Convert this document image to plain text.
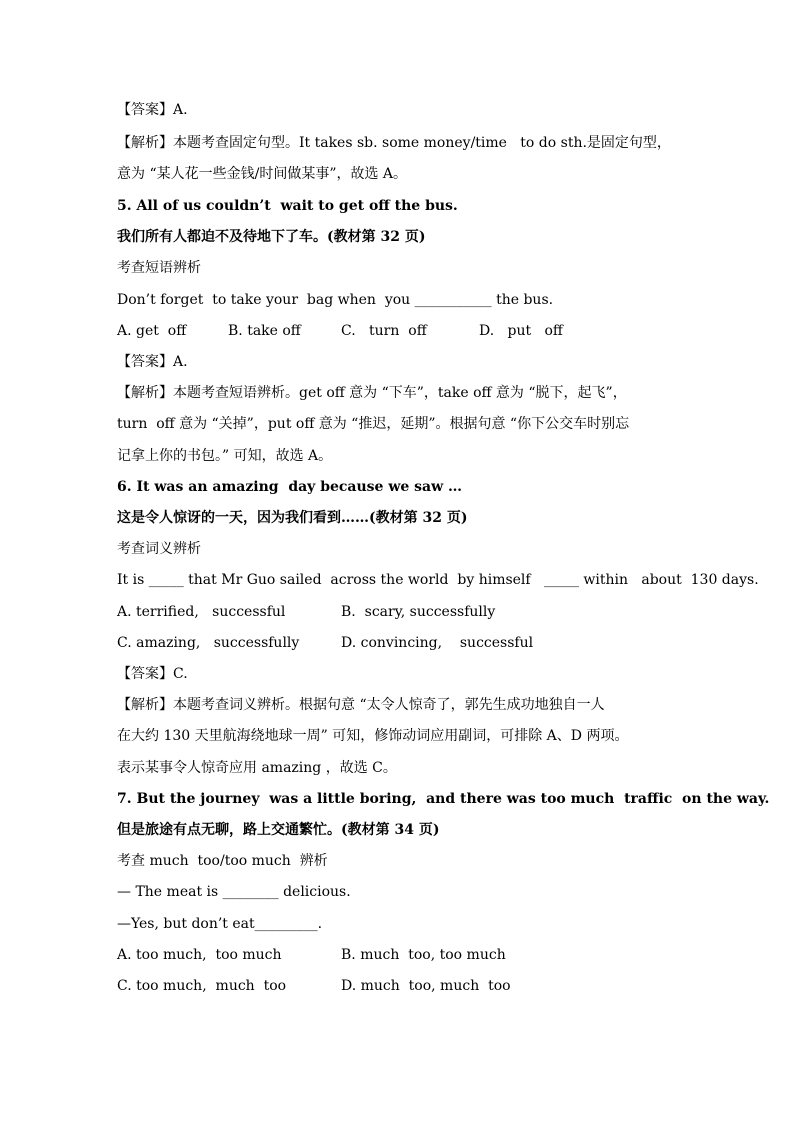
【答案】A.

【解析】本题考查固定句型。It takes sb. some money/time   to do sth.是固定句型，

意为 “某人花一些金钱/时间做某事”，故选 A。

5. All of us couldn’t  wait to get off the bus.

我们所有人都迫不及待地下了车。(教材第 32 页)

考查短语辨析

Don’t forget  to take your  bag when  you ___________ the bus.

A. get  off	B. take off	C.   turn  off	D.   put   off

【答案】A.

【解析】本题考查短语辨析。get off 意为 “下车”，take off 意为 “脱下，起飞”，

turn  off 意为 “关掉”，put off 意为 “推迟，延期”。根据句意 “你下公交车时别忘

记拿上你的书包。” 可知，故选 A。

6. It was an amazing  day because we saw …

这是令人惊讶的一天，因为我们看到……(教材第 32 页)

考查词义辨析

It is _____ that Mr Guo sailed  across the world  by himself   _____ within   about  130 days.

A. terrified,   successful	B.  scary, successfully
C. amazing,   successfully	D. convincing,    successful

【答案】C.

【解析】本题考查词义辨析。根据句意 “太令人惊奇了，郭先生成功地独自一人

在大约 130 天里航海绕地球一周” 可知，修饰动词应用副词，可排除 A、D 两项。

表示某事令人惊奇应用 amazing ，故选 C。

7. But the journey  was a little boring,  and there was too much  traffic  on the way.

但是旅途有点无聊，路上交通繁忙。(教材第 34 页)

考查 much  too/too much  辨析

— The meat is ________ delicious.

—Yes, but don’t eat_________.

A. too much,  too much	B. much  too, too much
C. too much,  much  too	D. much  too, much  too
